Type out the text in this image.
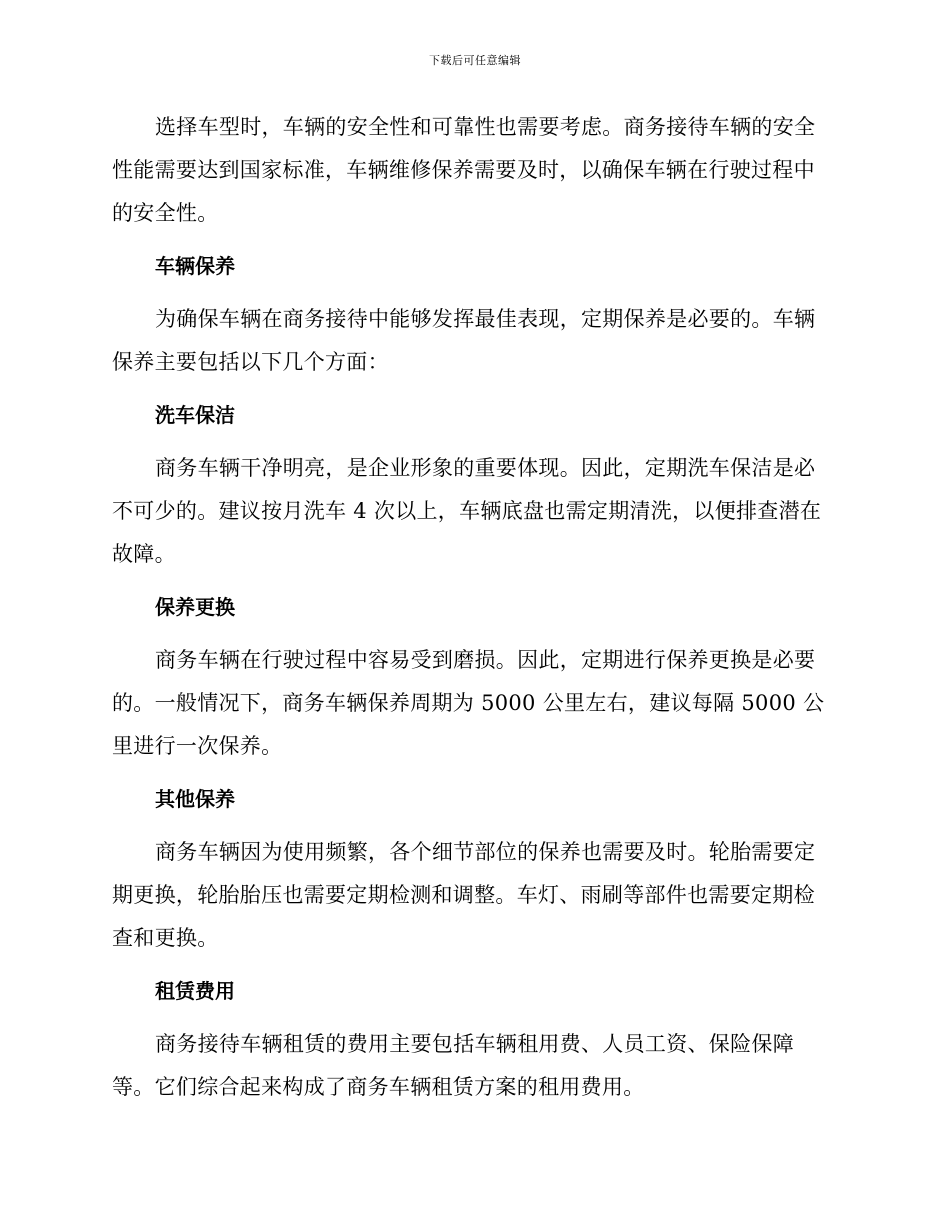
下载后可任意编辑

选择车型时，车辆的安全性和可靠性也需要考虑。商务接待车辆的安全性能需要达到国家标准，车辆维修保养需要及时，以确保车辆在行驶过程中的安全性。

车辆保养

为确保车辆在商务接待中能够发挥最佳表现，定期保养是必要的。车辆保养主要包括以下几个方面：

洗车保洁

商务车辆干净明亮，是企业形象的重要体现。因此，定期洗车保洁是必不可少的。建议按月洗车 4 次以上，车辆底盘也需定期清洗，以便排查潜在故障。

保养更换

商务车辆在行驶过程中容易受到磨损。因此，定期进行保养更换是必要的。一般情况下，商务车辆保养周期为 5000 公里左右，建议每隔 5000 公里进行一次保养。

其他保养

商务车辆因为使用频繁，各个细节部位的保养也需要及时。轮胎需要定期更换，轮胎胎压也需要定期检测和调整。车灯、雨刷等部件也需要定期检查和更换。

租赁费用

商务接待车辆租赁的费用主要包括车辆租用费、人员工资、保险保障等。它们综合起来构成了商务车辆租赁方案的租用费用。
